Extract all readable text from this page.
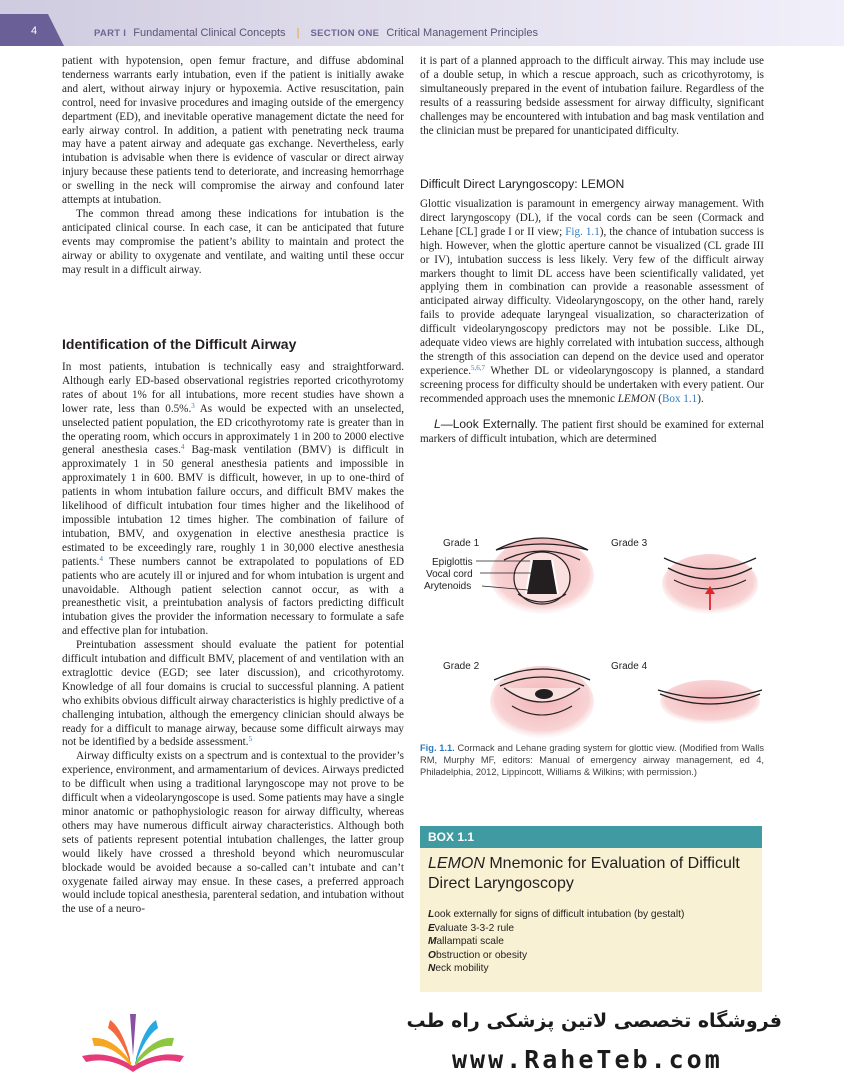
4	PART I Fundamental Clinical Concepts | SECTION ONE Critical Management Principles

patient with hypotension, open femur fracture, and diffuse abdominal tenderness warrants early intubation, even if the patient is initially awake and alert, without airway injury or hypoxemia. Active resuscitation, pain control, need for invasive procedures and imaging outside of the emergency department (ED), and inevitable operative management dictate the need for early airway control. In addition, a patient with penetrating neck trauma may have a patent airway and adequate gas exchange. Nevertheless, early intubation is advisable when there is evidence of vascular or direct airway injury because these patients tend to deteriorate, and increasing hemorrhage or swelling in the neck will compromise the airway and confound later attempts at intubation.

The common thread among these indications for intubation is the anticipated clinical course. In each case, it can be anticipated that future events may compromise the patient’s ability to maintain and protect the airway or ability to oxygenate and ventilate, and waiting until these occur may result in a difficult airway.

Identification of the Difficult Airway

In most patients, intubation is technically easy and straightforward. Although early ED-based observational registries reported cricothyrotomy rates of about 1% for all intubations, more recent studies have shown a lower rate, less than 0.5%.$^3$ As would be expected with an unselected, unselected patient population, the ED cricothyrotomy rate is greater than in the operating room, which occurs in approximately 1 in 200 to 2000 elective general anesthesia cases.$^4$ Bag-mask ventilation (BMV) is difficult in approximately 1 in 50 general anesthesia patients and impossible in approximately 1 in 600. BMV is difficult, however, in up to one-third of patients in whom intubation failure occurs, and difficult BMV makes the likelihood of difficult intubation four times higher and the likelihood of impossible intubation 12 times higher. The combination of failure of intubation, BMV, and oxygenation in elective anesthesia practice is estimated to be exceedingly rare, roughly 1 in 30,000 elective anesthesia patients.$^4$ These numbers cannot be extrapolated to populations of ED patients who are acutely ill or injured and for whom intubation is urgent and unavoidable. Although patient selection cannot occur, as with a preanesthetic visit, a preintubation analysis of factors predicting difficult intubation gives the provider the information necessary to formulate a safe and effective plan for intubation.

Preintubation assessment should evaluate the patient for potential difficult intubation and difficult BMV, placement of and ventilation with an extraglottic device (EGD; see later discussion), and cricothyrotomy. Knowledge of all four domains is crucial to successful planning. A patient who exhibits obvious difficult airway characteristics is highly predictive of a challenging intubation, although the emergency clinician should always be ready for a difficult to manage airway, because some difficult airways may not be identified by a bedside assessment.$^5$

Airway difficulty exists on a spectrum and is contextual to the provider’s experience, environment, and armamentarium of devices. Airways predicted to be difficult when using a traditional laryngoscope may not prove to be difficult when a videolaryngoscope is used. Some patients may have a single minor anatomic or pathophysiologic reason for airway difficulty, whereas others may have numerous difficult airway characteristics. Although both sets of patients represent potential intubation challenges, the latter group would likely have crossed a threshold beyond which neuromuscular blockade would be avoided because a so-called can’t intubate and can’t oxygenate failed airway may ensue. In these cases, a preferred approach would include topical anesthesia, parenteral sedation, and intubation without the use of a neuro-

it is part of a planned approach to the difficult airway. This may include use of a double setup, in which a rescue approach, such as cricothyrotomy, is simultaneously prepared in the event of intubation failure. Regardless of the results of a reassuring bedside assessment for airway difficulty, significant challenges may be encountered with intubation and bag mask ventilation and the clinician must be prepared for unanticipated difficulty.

Difficult Direct Laryngoscopy: LEMON

Glottic visualization is paramount in emergency airway management. With direct laryngoscopy (DL), if the vocal cords can be seen (Cormack and Lehane [CL] grade I or II view; Fig. 1.1), the chance of intubation success is high. However, when the glottic aperture cannot be visualized (CL grade III or IV), intubation success is less likely. Very few of the difficult airway markers thought to limit DL access have been scientifically validated, yet applying them in combination can provide a reasonable assessment of anticipated airway difficulty. Videolaryngoscopy, on the other hand, rarely fails to provide adequate laryngeal visualization, so characterization of difficult videolaryngoscopy predictors may not be possible. Like DL, adequate video views are highly correlated with intubation success, although the strength of this association can depend on the device used and operator experience.$^{5,6,7}$ Whether DL or videolaryngoscopy is planned, a standard screening process for difficulty should be undertaken with every patient. Our recommended approach uses the mnemonic LEMON (Box 1.1).

L—Look Externally. The patient first should be examined for external markers of difficult intubation, which are determined

Grade 1	Grade 3
Grade 2	Grade 4
Epiglottis
Vocal cord
Arytenoids
Fig. 1.1. Cormack and Lehane grading system for glottic view. (Modified from Walls RM, Murphy MF, editors: Manual of emergency airway management, ed 4, Philadelphia, 2012, Lippincott, Williams & Wilkins; with permission.)
BOX 1.1
LEMON Mnemonic for Evaluation of Difficult Direct Laryngoscopy
Look externally for signs of difficult intubation (by gestalt)
Evaluate 3-3-2 rule
Mallampati scale
Obstruction or obesity
Neck mobility
فروشگاه تخصصی لاتین پزشکی راه طب
www.RaheTeb.com
